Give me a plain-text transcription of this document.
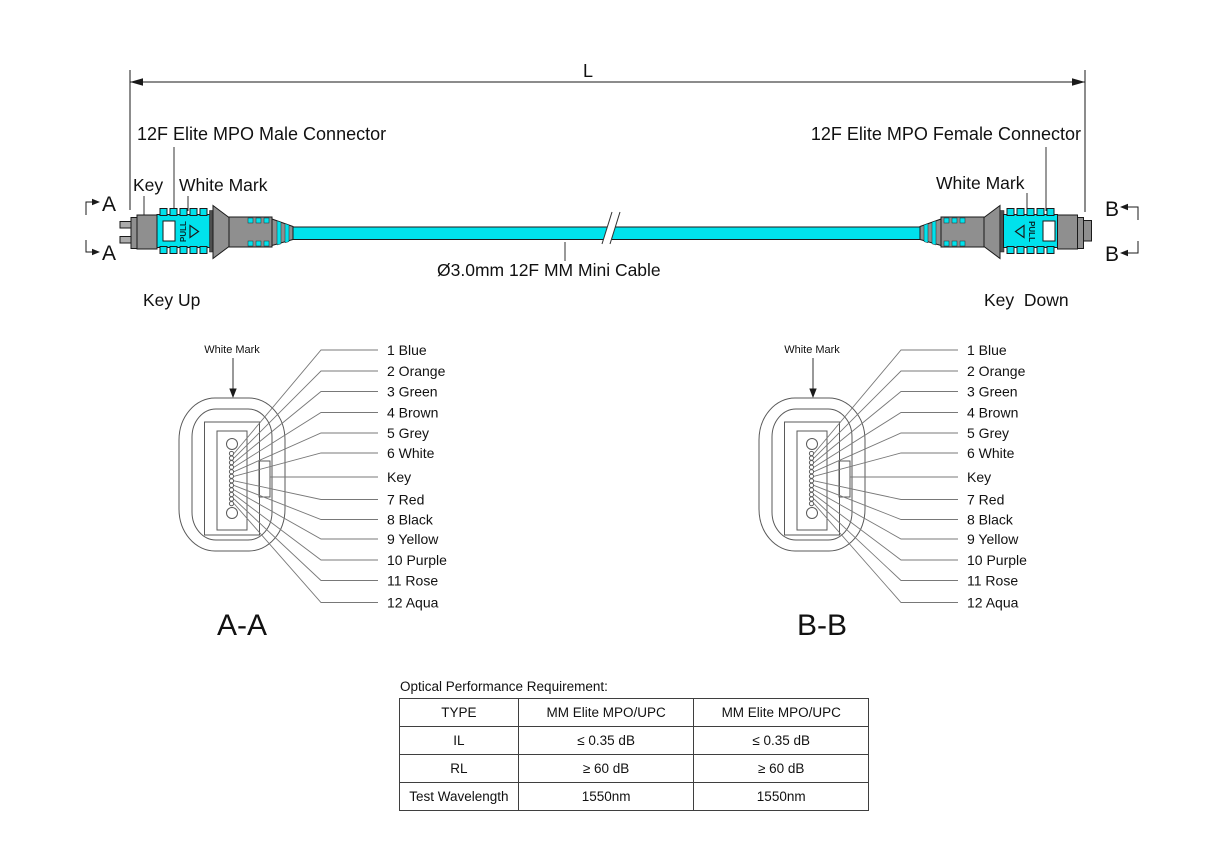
L
12F Elite MPO Male Connector	12F Elite MPO Female Connector
Key White Mark	White Mark
Key Up	Key  Down
Ø3.0mm 12F MM Mini Cable
A
A
B
B
PULL	PULL
White Mark	1 Blue
2 Orange
3 Green
4 Brown
5 Grey
6 White
Key
7 Red
8 Black
9 Yellow
10 Purple
11 Rose
12 Aqua
A-A
White Mark	1 Blue
2 Orange
3 Green
4 Brown
5 Grey
6 White
Key
7 Red
8 Black
9 Yellow
10 Purple
11 Rose
12 Aqua
B-B
Optical Performance Requirement:
TYPE	MM Elite MPO/UPC	MM Elite MPO/UPC
IL	≤ 0.35 dB	≤ 0.35 dB
RL	≥ 60 dB	≥ 60 dB
Test Wavelength	1550nm	1550nm
